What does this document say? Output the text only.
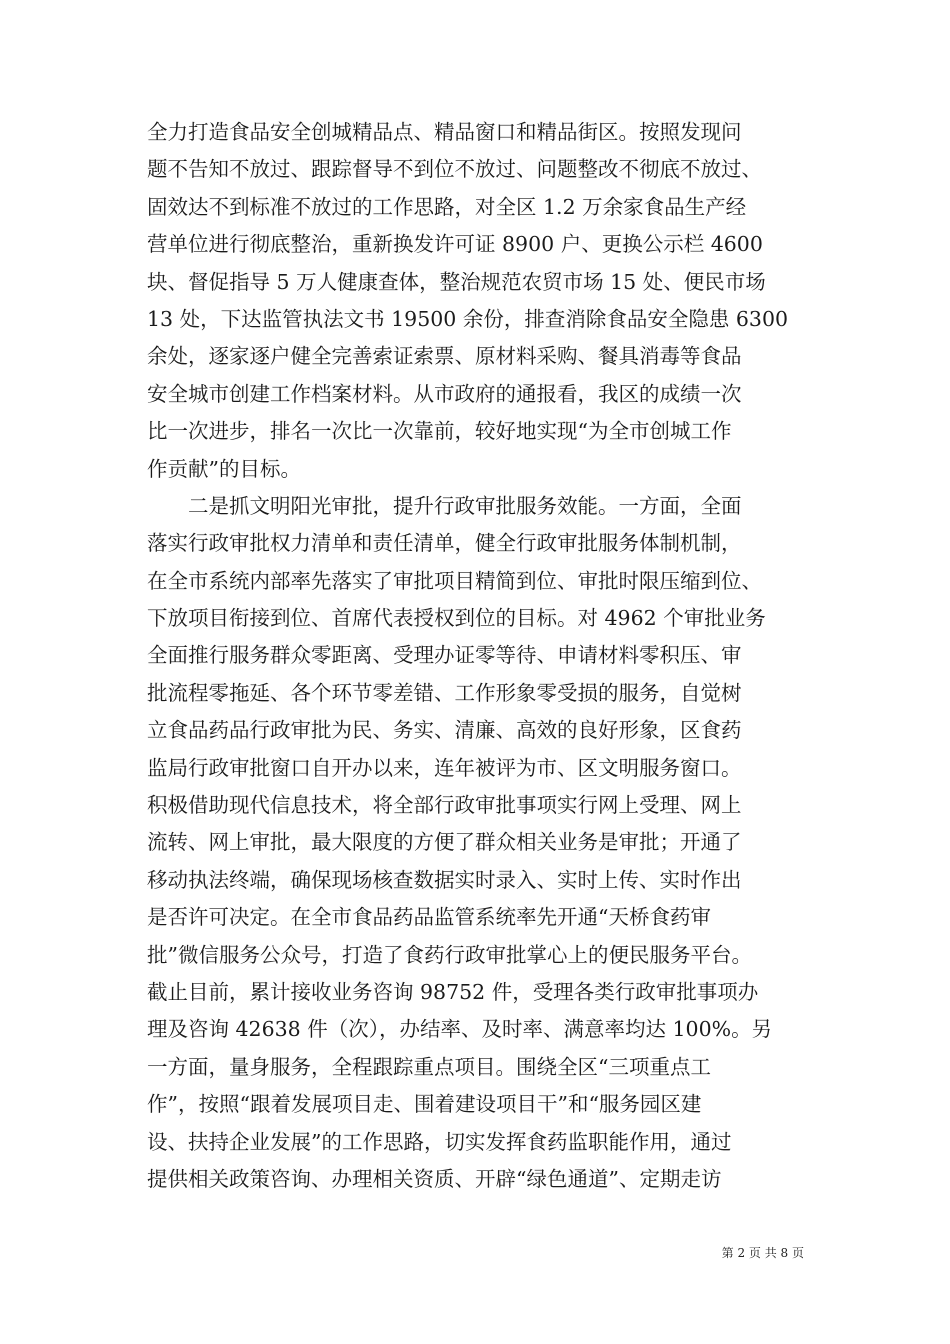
全力打造食品安全创城精品点、精品窗口和精品街区。按照发现问
题不告知不放过、跟踪督导不到位不放过、问题整改不彻底不放过、
固效达不到标准不放过的工作思路，对全区 1.2 万余家食品生产经
营单位进行彻底整治，重新换发许可证 8900 户、更换公示栏 4600
块、督促指导 5 万人健康查体，整治规范农贸市场 15 处、便民市场
13 处，下达监管执法文书 19500 余份，排查消除食品安全隐患 6300
余处，逐家逐户健全完善索证索票、原材料采购、餐具消毒等食品
安全城市创建工作档案材料。从市政府的通报看，我区的成绩一次
比一次进步，排名一次比一次靠前，较好地实现“为全市创城工作
作贡献”的目标。
　　二是抓文明阳光审批，提升行政审批服务效能。一方面，全面
落实行政审批权力清单和责任清单，健全行政审批服务体制机制，
在全市系统内部率先落实了审批项目精简到位、审批时限压缩到位、
下放项目衔接到位、首席代表授权到位的目标。对 4962 个审批业务
全面推行服务群众零距离、受理办证零等待、申请材料零积压、审
批流程零拖延、各个环节零差错、工作形象零受损的服务，自觉树
立食品药品行政审批为民、务实、清廉、高效的良好形象，区食药
监局行政审批窗口自开办以来，连年被评为市、区文明服务窗口。
积极借助现代信息技术，将全部行政审批事项实行网上受理、网上
流转、网上审批，最大限度的方便了群众相关业务是审批；开通了
移动执法终端，确保现场核查数据实时录入、实时上传、实时作出
是否许可决定。在全市食品药品监管系统率先开通“天桥食药审
批”微信服务公众号，打造了食药行政审批掌心上的便民服务平台。
截止目前，累计接收业务咨询 98752 件，受理各类行政审批事项办
理及咨询 42638 件（次），办结率、及时率、满意率均达 100%。另
一方面，量身服务，全程跟踪重点项目。围绕全区“三项重点工
作”，按照“跟着发展项目走、围着建设项目干”和“服务园区建
设、扶持企业发展”的工作思路，切实发挥食药监职能作用，通过
提供相关政策咨询、办理相关资质、开辟“绿色通道”、定期走访
第 2 页 共 8 页
